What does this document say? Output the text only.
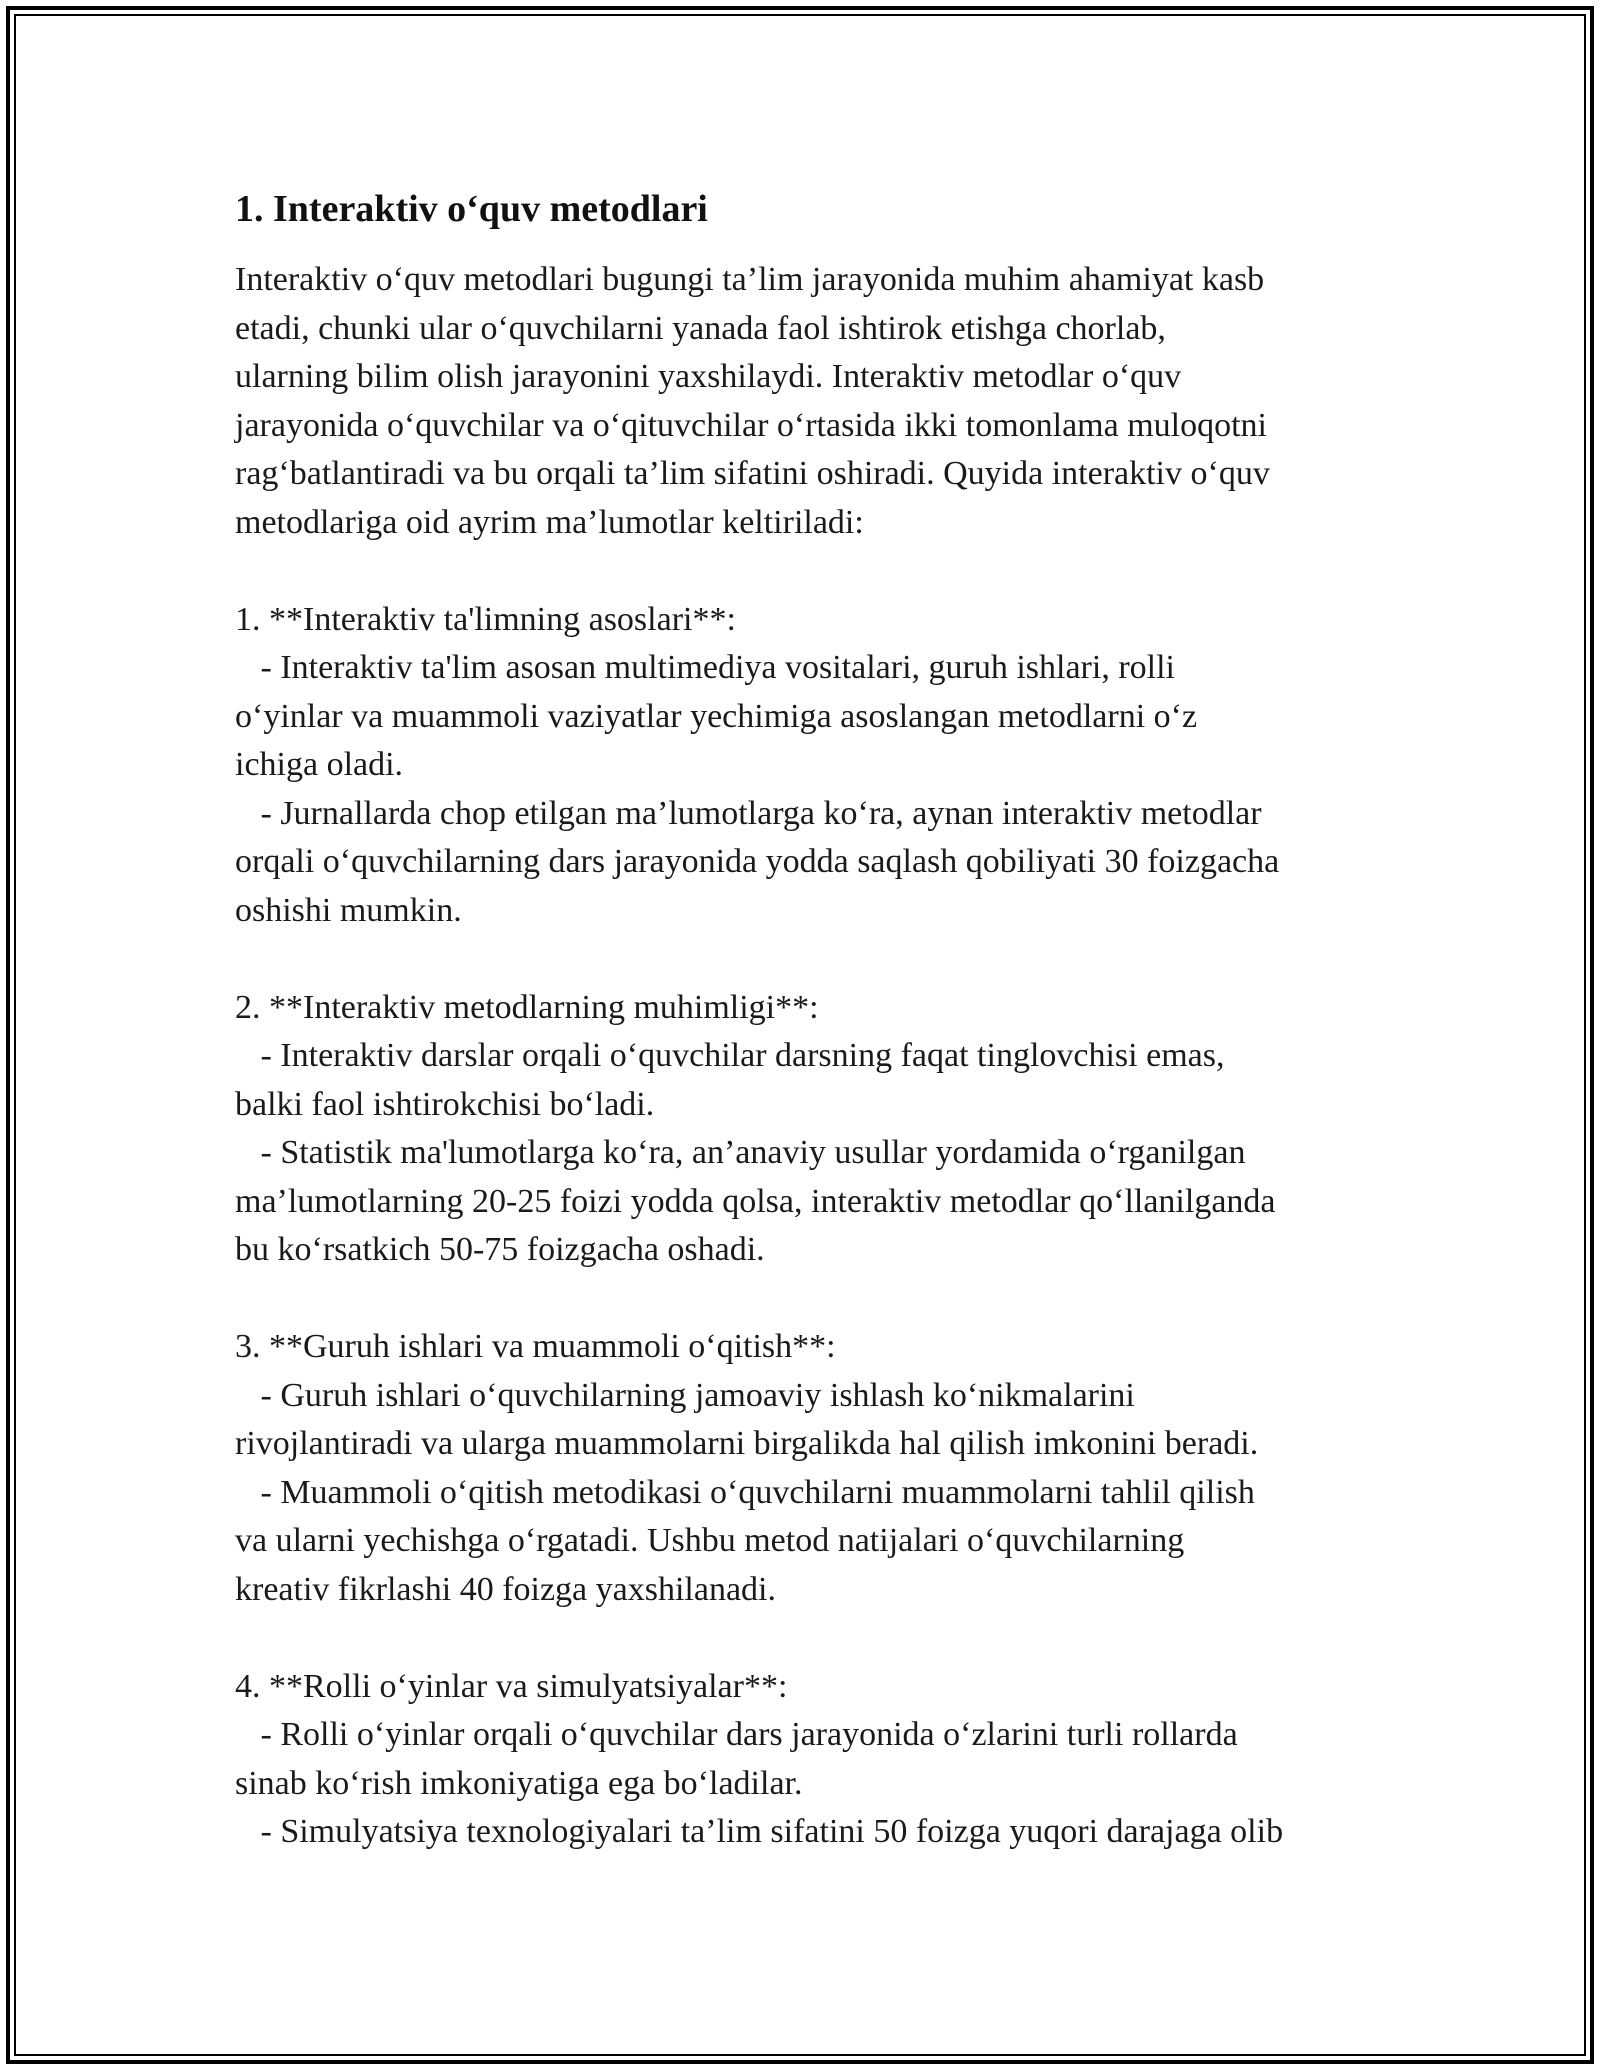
1. Interaktiv o‘quv metodlari
Interaktiv o‘quv metodlari bugungi ta’lim jarayonida muhim ahamiyat kasb
etadi, chunki ular o‘quvchilarni yanada faol ishtirok etishga chorlab,
ularning bilim olish jarayonini yaxshilaydi. Interaktiv metodlar o‘quv
jarayonida o‘quvchilar va o‘qituvchilar o‘rtasida ikki tomonlama muloqotni
rag‘batlantiradi va bu orqali ta’lim sifatini oshiradi. Quyida interaktiv o‘quv
metodlariga oid ayrim ma’lumotlar keltiriladi:
1. **Interaktiv ta'limning asoslari**:
- Interaktiv ta'lim asosan multimediya vositalari, guruh ishlari, rolli
o‘yinlar va muammoli vaziyatlar yechimiga asoslangan metodlarni o‘z
ichiga oladi.
- Jurnallarda chop etilgan ma’lumotlarga ko‘ra, aynan interaktiv metodlar
orqali o‘quvchilarning dars jarayonida yodda saqlash qobiliyati 30 foizgacha
oshishi mumkin.
2. **Interaktiv metodlarning muhimligi**:
- Interaktiv darslar orqali o‘quvchilar darsning faqat tinglovchisi emas,
balki faol ishtirokchisi bo‘ladi.
- Statistik ma'lumotlarga ko‘ra, an’anaviy usullar yordamida o‘rganilgan
ma’lumotlarning 20-25 foizi yodda qolsa, interaktiv metodlar qo‘llanilganda
bu ko‘rsatkich 50-75 foizgacha oshadi.
3. **Guruh ishlari va muammoli o‘qitish**:
- Guruh ishlari o‘quvchilarning jamoaviy ishlash ko‘nikmalarini
rivojlantiradi va ularga muammolarni birgalikda hal qilish imkonini beradi.
- Muammoli o‘qitish metodikasi o‘quvchilarni muammolarni tahlil qilish
va ularni yechishga o‘rgatadi. Ushbu metod natijalari o‘quvchilarning
kreativ fikrlashi 40 foizga yaxshilanadi.
4. **Rolli o‘yinlar va simulyatsiyalar**:
- Rolli o‘yinlar orqali o‘quvchilar dars jarayonida o‘zlarini turli rollarda
sinab ko‘rish imkoniyatiga ega bo‘ladilar.
- Simulyatsiya texnologiyalari ta’lim sifatini 50 foizga yuqori darajaga olib
